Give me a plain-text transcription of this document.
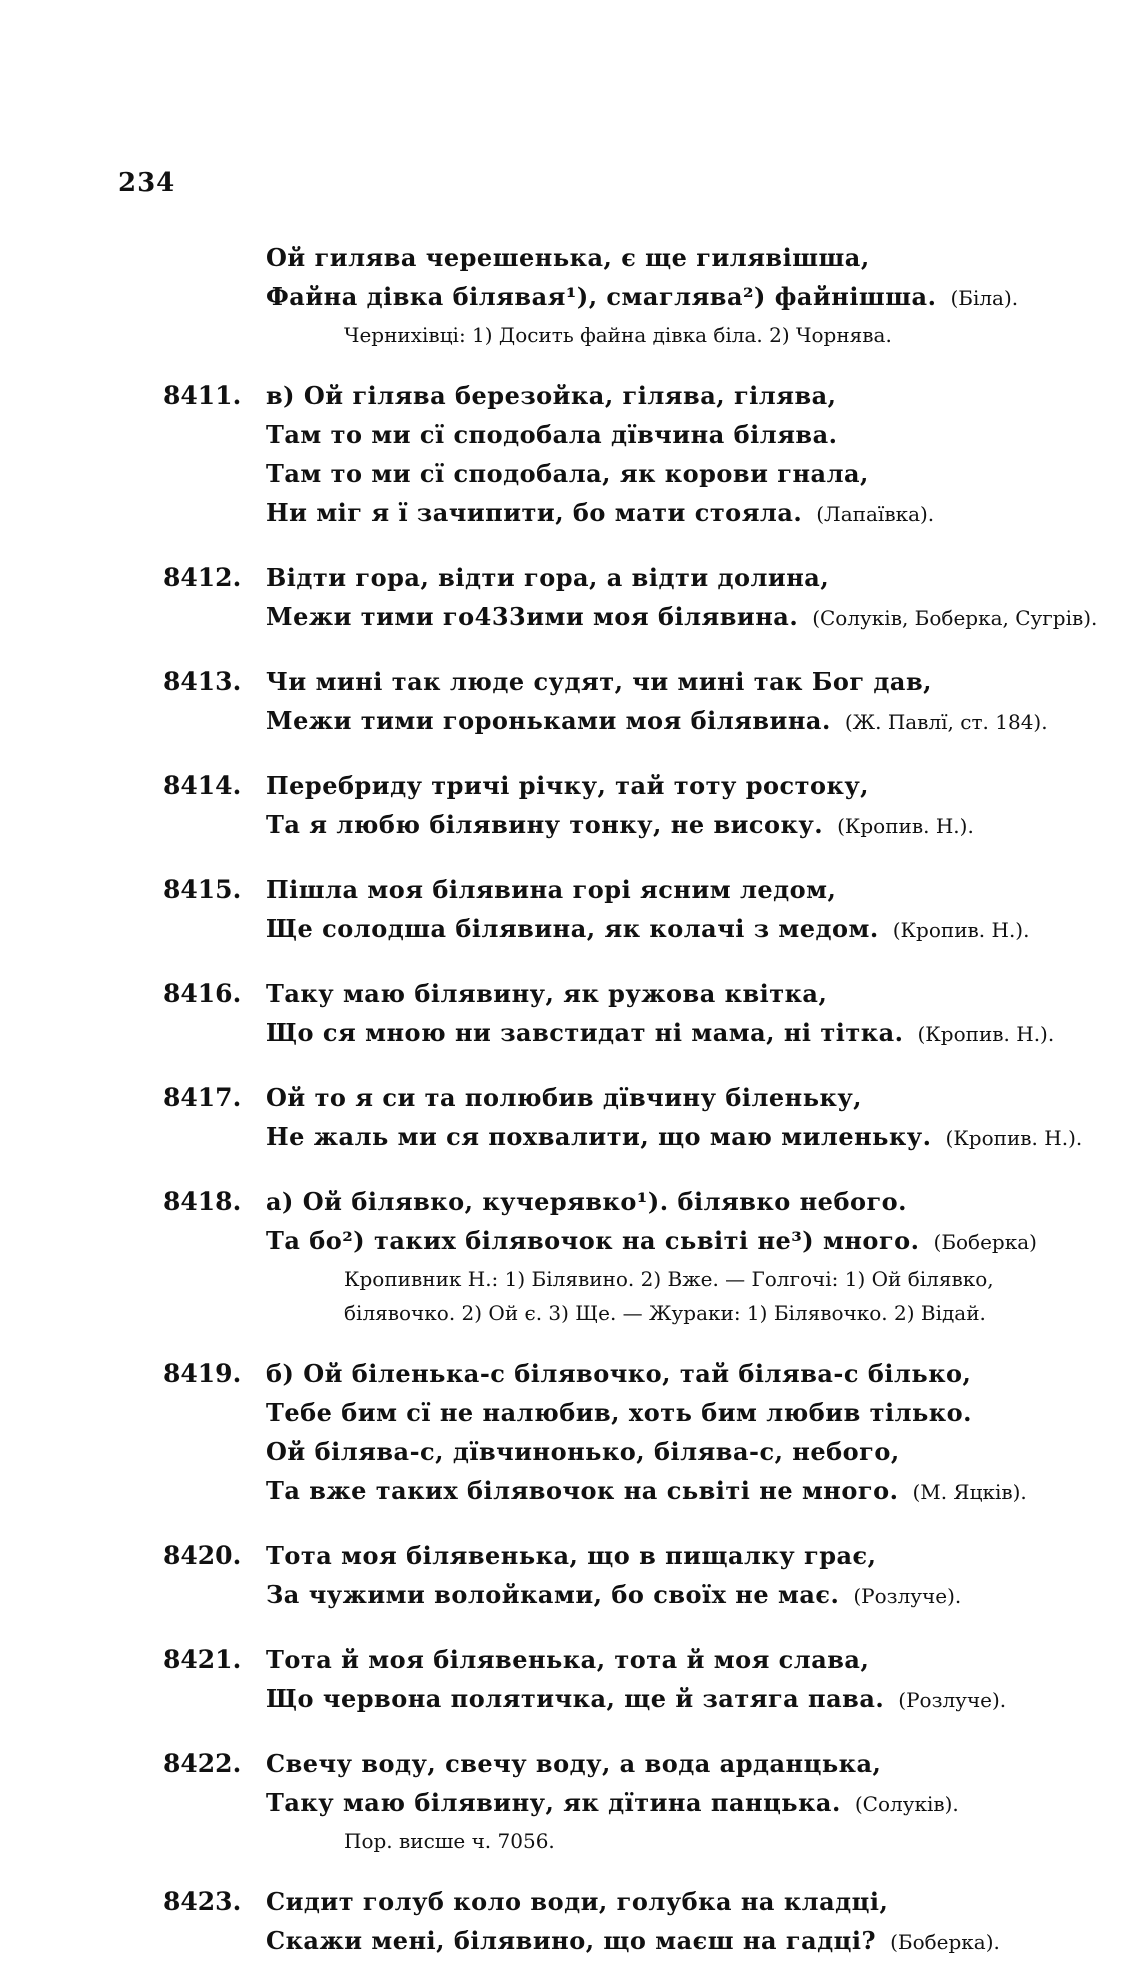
234
Ой гилява черешенька, є ще гилявішша,
Файна дівка білявая¹), смаглява²) файнішша. (Біла).
Чернихівці: 1) Досить файна дівка біла. 2) Чорнява.
8411. в) Ой гілява березойка, гілява, гілява,
Там то ми сї сподобала дївчина білява.
Там то ми сї сподобала, як корови гнала,
Ни міг я ї зачипити, бо мати стояла. (Лапаївка).
8412. Відти гора, відти гора, а відти долина,
Межи тими го433ими моя білявина. (Солуків, Боберка, Сугрів).
8413. Чи мині так люде судят, чи мині так Бог дав,
Межи тими гороньками моя білявина. (Ж. Павлї, ст. 184).
8414. Перебриду тричі річку, тай тоту ростоку,
Та я любю білявину тонку, не високу. (Кропив. Н.).
8415. Пішла моя білявина горі ясним ледом,
Ще солодша білявина, як колачі з медом. (Кропив. Н.).
8416. Таку маю білявину, як ружова квітка,
Що ся мною ни завстидат ні мама, ні тітка. (Кропив. Н.).
8417. Ой то я си та полюбив дївчину біленьку,
Не жаль ми ся похвалити, що маю миленьку. (Кропив. Н.).
8418. а) Ой білявко, кучерявко¹). білявко небого.
Та бо²) таких білявочок на сьвіті не³) много. (Боберка)
Кропивник Н.: 1) Білявино. 2) Вже. — Голгочі: 1) Ой білявко, білявочко. 2) Ой є. 3) Ще. — Жураки: 1) Білявочко. 2) Відай.
8419. б) Ой біленька-с білявочко, тай білява-с білько,
Тебе бим сї не налюбив, хоть бим любив тілько.
Ой білява-с, дївчинонько, білява-с, небого,
Та вже таких білявочок на сьвіті не много. (М. Яцків).
8420. Тота моя білявенька, що в пищалку грає,
За чужими волойками, бо своїх не має. (Розлуче).
8421. Тота й моя білявенька, тота й моя слава,
Що червона полятичка, ще й затяга пава. (Розлуче).
8422. Свечу воду, свечу воду, а вода арданцька,
Таку маю білявину, як дїтина панцька. (Солуків).
Пор. висше ч. 7056.
8423. Сидит голуб коло води, голубка на кладці,
Скажи мені, білявино, що маєш на гадці? (Боберка).
